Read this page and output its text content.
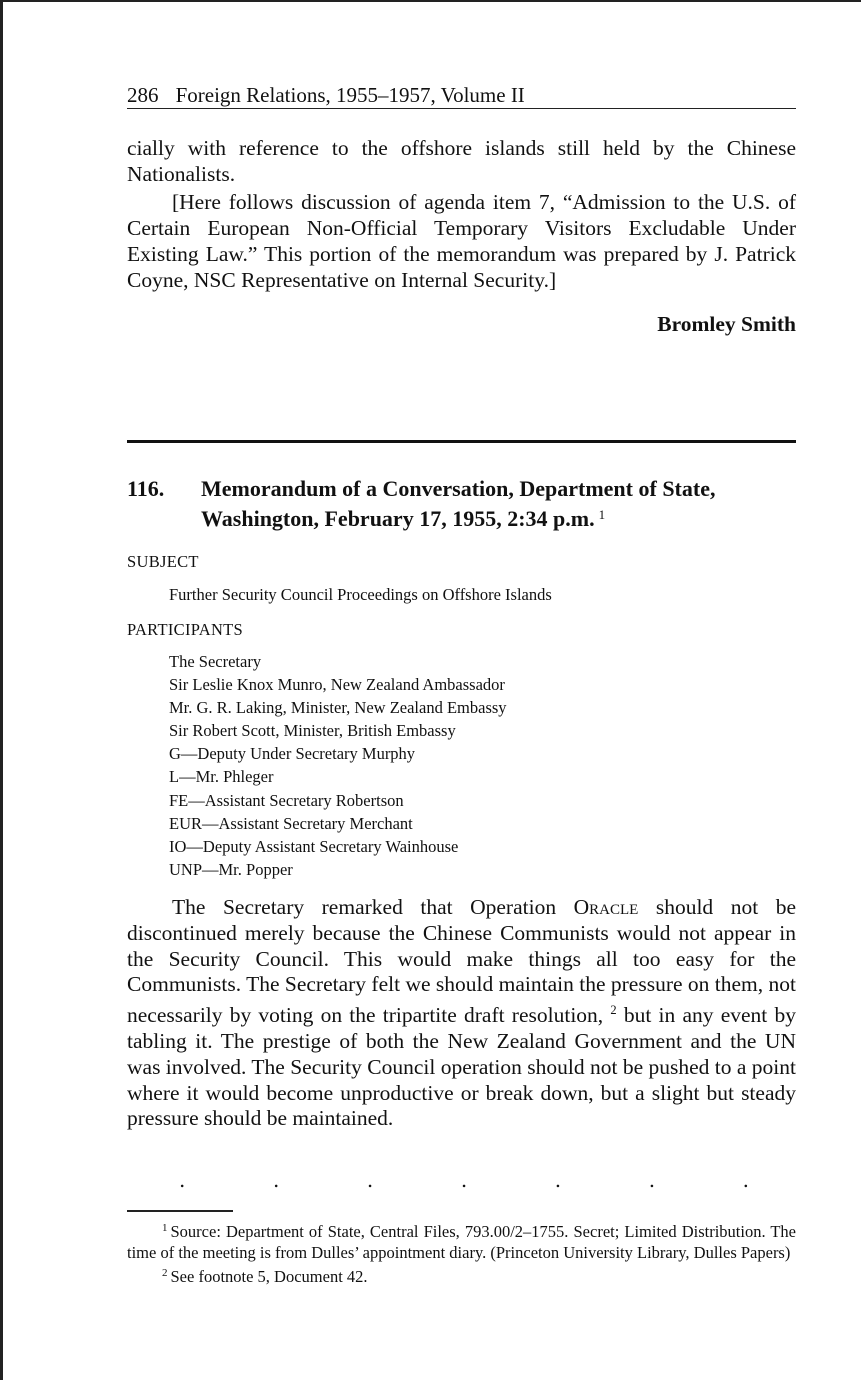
286 Foreign Relations, 1955–1957, Volume II
cially with reference to the offshore islands still held by the Chinese Nationalists.
[Here follows discussion of agenda item 7, “Admission to the U.S. of Certain European Non-Official Temporary Visitors Excludable Under Existing Law.” This portion of the memorandum was prepared by J. Patrick Coyne, NSC Representative on Internal Security.]
Bromley Smith
116. Memorandum of a Conversation, Department of State, Washington, February 17, 1955, 2:34 p.m. $^1$
SUBJECT
Further Security Council Proceedings on Offshore Islands
PARTICIPANTS
The Secretary
Sir Leslie Knox Munro, New Zealand Ambassador
Mr. G. R. Laking, Minister, New Zealand Embassy
Sir Robert Scott, Minister, British Embassy
G—Deputy Under Secretary Murphy
L—Mr. Phleger
FE—Assistant Secretary Robertson
EUR—Assistant Secretary Merchant
IO—Deputy Assistant Secretary Wainhouse
UNP—Mr. Popper
The Secretary remarked that Operation Oracle should not be discontinued merely because the Chinese Communists would not appear in the Security Council. This would make things all too easy for the Communists. The Secretary felt we should maintain the pressure on them, not necessarily by voting on the tripartite draft resolution, $^2$ but in any event by tabling it. The prestige of both the New Zealand Government and the UN was involved. The Security Council operation should not be pushed to a point where it would become unproductive or break down, but a slight but steady pressure should be maintained.
.	.	.	.	.	.	.

$^1$ Source: Department of State, Central Files, 793.00/2–1755. Secret; Limited Distribution. The time of the meeting is from Dulles’ appointment diary. (Princeton University Library, Dulles Papers)

$^2$ See footnote 5, Document 42.
